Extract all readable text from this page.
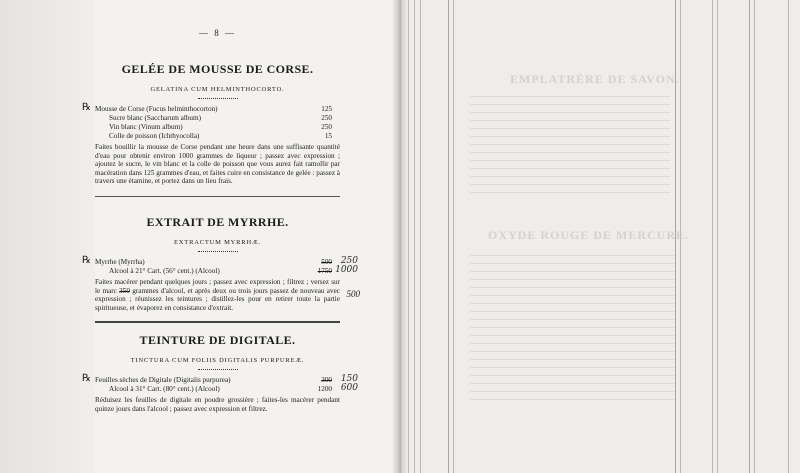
— 8 —
GELÉE DE MOUSSE DE CORSE.
GELATINA CUM HELMINTHOCORTO.
℞ Mousse de Corse (Fucus helminthocorton)	125
Sucre blanc (Saccharum album)	250
Vin blanc (Vinum album)	250
Colle de poisson (Ichthyocolla)	15
Faites bouillir la mousse de Corse pendant une heure dans une suffisante quantité d'eau pour obtenir environ 1000 grammes de liqueur ; passez avec expression ; ajoutez le sucre, le vin blanc et la colle de poisson que vous aurez fait ramollir par macération dans 125 grammes d'eau, et faites cuire en consistance de gelée : passez à travers une étamine, et portez dans un lieu frais.
EXTRAIT DE MYRRHE.
EXTRACTUM MYRRHÆ.
℞ Myrrhe (Myrrha)	500 250
Alcool à 21° Cart. (56° cent.) (Alcool)	1750 1000
Faites macérer pendant quelques jours ; passez avec expression ; filtrez ; versez sur le marc 350 grammes d'alcool, et après deux ou trois jours passez de nouveau avec expression ; réunissez les teintures ; distillez-les pour en retirer toute la partie spiritueuse, et évaporez en consistance d'extrait.
500
TEINTURE DE DIGITALE.
TINCTURA CUM FOLIIS DIGITALIS PURPUREÆ.
℞ Feuilles sèches de Digitale (Digitalis purpurea)	300 150
Alcool à 31° Cart. (80° cent.) (Alcool)	1200 600
Réduisez les feuilles de digitale en poudre grossière ; faites-les macérer pendant quinze jours dans l'alcool ; passez avec expression et filtrez.
EMPLATRÈRE DE SAVON.
OXYDE ROUGE DE MERCURE.
